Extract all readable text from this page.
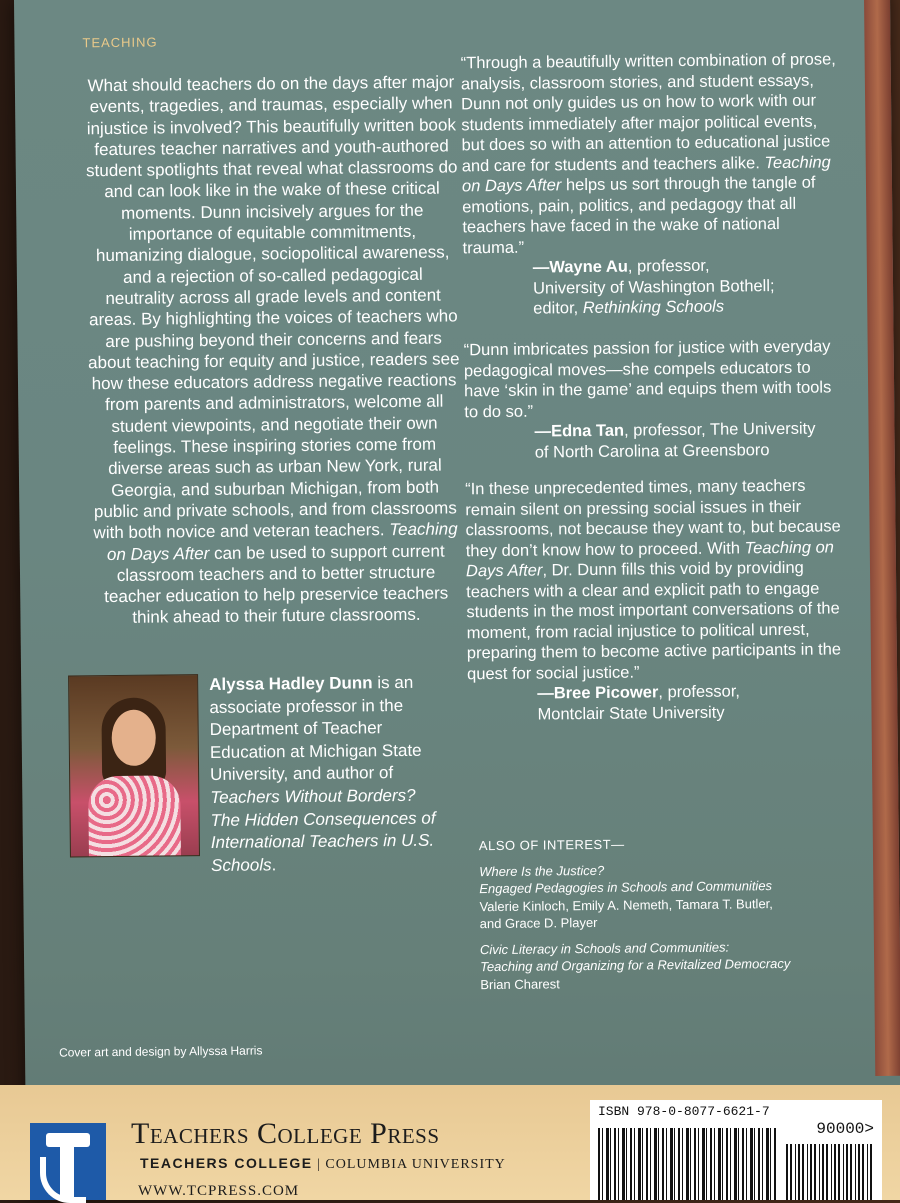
TEACHING
What should teachers do on the days after major events, tragedies, and traumas, especially when injustice is involved? This beautifully written book features teacher narratives and youth-authored student spotlights that reveal what classrooms do and can look like in the wake of these critical moments. Dunn incisively argues for the importance of equitable commitments, humanizing dialogue, sociopolitical awareness, and a rejection of so-called pedagogical neutrality across all grade levels and content areas. By highlighting the voices of teachers who are pushing beyond their concerns and fears about teaching for equity and justice, readers see how these educators address negative reactions from parents and administrators, welcome all student viewpoints, and negotiate their own feelings. These inspiring stories come from diverse areas such as urban New York, rural Georgia, and suburban Michigan, from both public and private schools, and from classrooms with both novice and veteran teachers. Teaching on Days After can be used to support current classroom teachers and to better structure teacher education to help preservice teachers think ahead to their future classrooms.
Alyssa Hadley Dunn is an associate professor in the Department of Teacher Education at Michigan State University, and author of Teachers Without Borders? The Hidden Consequences of International Teachers in U.S. Schools.

“Through a beautifully written combination of prose, analysis, classroom stories, and student essays, Dunn not only guides us on how to work with our students immediately after major political events, but does so with an attention to educational justice and care for students and teachers alike. Teaching on Days After helps us sort through the tangle of emotions, pain, politics, and pedagogy that all teachers have faced in the wake of national trauma.”

—Wayne Au, professor,
University of Washington Bothell;
editor, Rethinking Schools

“Dunn imbricates passion for justice with everyday pedagogical moves—she compels educators to have ‘skin in the game’ and equips them with tools to do so.”

—Edna Tan, professor, The University
of North Carolina at Greensboro

“In these unprecedented times, many teachers remain silent on pressing social issues in their classrooms, not because they want to, but because they don’t know how to proceed. With Teaching on Days After, Dr. Dunn fills this void by providing teachers with a clear and explicit path to engage students in the most important conversations of the moment, from racial injustice to political unrest, preparing them to become active participants in the quest for social justice.”

—Bree Picower, professor,
Montclair State University

ALSO OF INTEREST—
Where Is the Justice?
Engaged Pedagogies in Schools and Communities
Valerie Kinloch, Emily A. Nemeth, Tamara T. Butler,
and Grace D. Player
Civic Literacy in Schools and Communities:
Teaching and Organizing for a Revitalized Democracy
Brian Charest
Cover art and design by Allyssa Harris
Teachers College Press
TEACHERS COLLEGE | COLUMBIA UNIVERSITY
WWW.TCPRESS.COM
ISBN 978-0-8077-6621-7
90000>
